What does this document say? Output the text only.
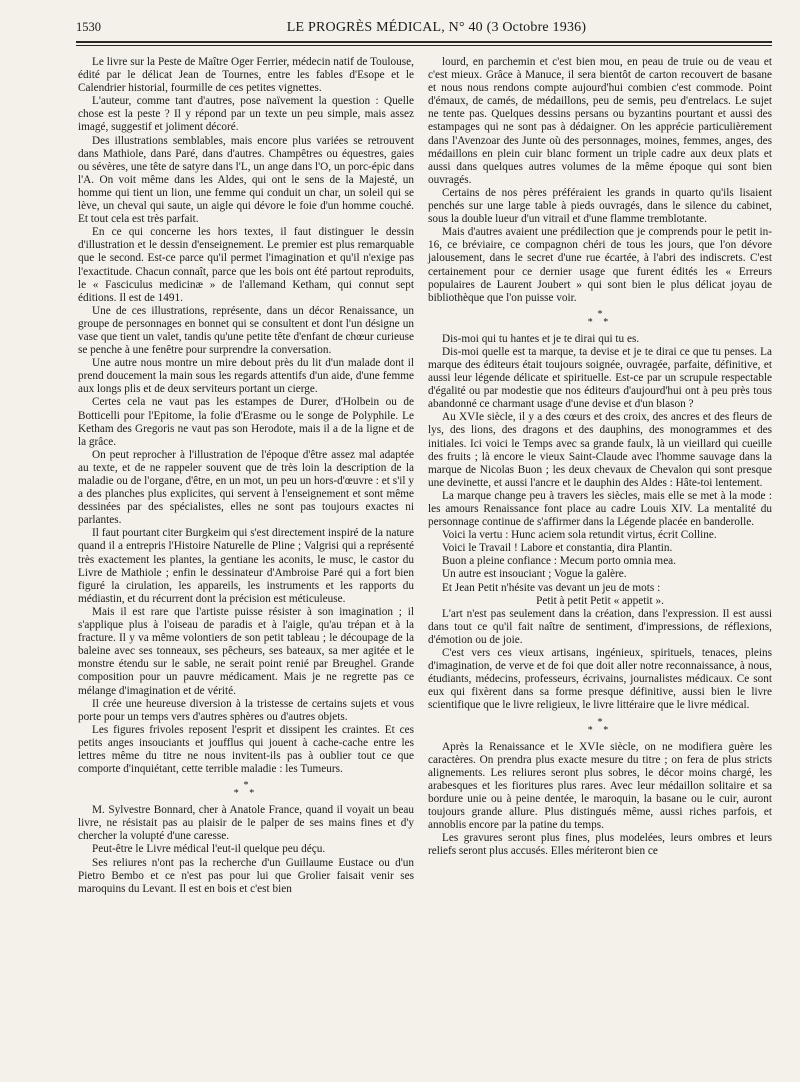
1530	LE PROGRÈS MÉDICAL, N° 40 (3 Octobre 1936)

Le livre sur la Peste de Maître Oger Ferrier, médecin natif de Toulouse, édité par le délicat Jean de Tournes, entre les fables d'Esope et le Calendrier historial, fourmille de ces petites vignettes.

L'auteur, comme tant d'autres, pose naïvement la question : Quelle chose est la peste ? Il y répond par un texte un peu simple, mais assez imagé, suggestif et joliment décoré.

Des illustrations semblables, mais encore plus variées se retrouvent dans Mathiole, dans Paré, dans d'autres. Champêtres ou équestres, gaies ou sévères, une tête de satyre dans l'L, un ange dans l'O, un porc-épic dans l'A. On voit même dans les Aldes, qui ont le sens de la Majesté, un homme qui tient un lion, une femme qui conduit un char, un soleil qui se lève, un cheval qui saute, un aigle qui dévore le foie d'un homme couché. Et tout cela est très parfait.

En ce qui concerne les hors textes, il faut distinguer le dessin d'illustration et le dessin d'enseignement. Le premier est plus remarquable que le second. Est-ce parce qu'il permet l'imagination et qu'il n'exige pas l'exactitude. Chacun connaît, parce que les bois ont été partout reproduits, le « Fasciculus medicinæ » de l'allemand Ketham, qui connut sept éditions. Il est de 1491.

Une de ces illustrations, représente, dans un décor Renaissance, un groupe de personnages en bonnet qui se consultent et dont l'un désigne un vase que tient un valet, tandis qu'une petite tête d'enfant de chœur curieuse se penche à une fenêtre pour surprendre la conversation.

Une autre nous montre un mire debout près du lit d'un malade dont il prend doucement la main sous les regards attentifs d'un aide, d'une femme aux longs plis et de deux serviteurs portant un cierge.

Certes cela ne vaut pas les estampes de Durer, d'Holbein ou de Botticelli pour l'Epitome, la folie d'Erasme ou le songe de Polyphile. Le Ketham des Gregoris ne vaut pas son Herodote, mais il a de la ligne et de la grâce.

On peut reprocher à l'illustration de l'époque d'être assez mal adaptée au texte, et de ne rappeler souvent que de très loin la description de la maladie ou de l'organe, d'être, en un mot, un peu un hors-d'œuvre : et s'il y a des planches plus explicites, qui servent à l'enseignement et sont même dessinées par des spécialistes, elles ne sont pas toujours exactes ni parlantes.

Il faut pourtant citer Burgkeim qui s'est directement inspiré de la nature quand il a entrepris l'Histoire Naturelle de Pline ; Valgrisi qui a représenté très exactement les plantes, la gentiane les aconits, le musc, le castor du Livre de Mathiole ; enfin le dessinateur d'Ambroise Paré qui a fort bien figuré la cirulation, les appareils, les instruments et les rapports du médiastin, et du récurrent dont la précision est méticuleuse.

Mais il est rare que l'artiste puisse résister à son imagination ; il s'applique plus à l'oiseau de paradis et à l'aigle, qu'au trépan et à la fracture. Il y va même volontiers de son petit tableau ; le découpage de la baleine avec ses tonneaux, ses pêcheurs, ses bateaux, sa mer agitée et le monstre étendu sur le sable, ne serait point renié par Breughel. Grande composition pour un pauvre médicament. Mais je ne regrette pas ce mélange d'imagination et de vérité.

Il crée une heureuse diversion à la tristesse de certains sujets et vous porte pour un temps vers d'autres sphères ou d'autres objets.

Les figures frivoles reposent l'esprit et dissipent les craintes. Et ces petits anges insouciants et joufflus qui jouent à cache-cache entre les lettres même du titre ne nous invitent-ils pas à oublier tout ce que comporte d'inquiétant, cette terrible maladie : les Tumeurs.

*
* *

M. Sylvestre Bonnard, cher à Anatole France, quand il voyait un beau livre, ne résistait pas au plaisir de le palper de ses mains fines et d'y chercher la volupté d'une caresse.

Peut-être le Livre médical l'eut-il quelque peu déçu.

Ses reliures n'ont pas la recherche d'un Guillaume Eustace ou d'un Pietro Bembo et ce n'est pas pour lui que Grolier faisait venir ses maroquins du Levant. Il est en bois et c'est bien

lourd, en parchemin et c'est bien mou, en peau de truie ou de veau et c'est mieux. Grâce à Manuce, il sera bientôt de carton recouvert de basane et nous nous rendons compte aujourd'hui combien c'est commode. Point d'émaux, de camés, de médaillons, peu de semis, peu d'entrelacs. Le sujet ne tente pas. Quelques dessins persans ou byzantins pourtant et aussi des estampages qui ne sont pas à dédaigner. On les apprécie particulièrement dans l'Avenzoar des Junte où des personnages, moines, femmes, anges, des médaillons en plein cuir blanc forment un triple cadre aux deux plats et aussi dans quelques autres volumes de la même époque qui sont bien ouvragés.

Certains de nos pères préféraient les grands in quarto qu'ils lisaient penchés sur une large table à pieds ouvragés, dans le silence du cabinet, sous la double lueur d'un vitrail et d'une flamme tremblotante.

Mais d'autres avaient une prédilection que je comprends pour le petit in-16, ce bréviaire, ce compagnon chéri de tous les jours, que l'on dévore jalousement, dans le secret d'une rue écartée, à l'abri des indiscrets. C'est certainement pour ce dernier usage que furent édités les « Erreurs populaires de Laurent Joubert » qui sont bien le plus délicat joyau de bibliothèque que l'on puisse voir.

*
* *

Dis-moi qui tu hantes et je te dirai qui tu es.

Dis-moi quelle est ta marque, ta devise et je te dirai ce que tu penses. La marque des éditeurs était toujours soignée, ouvragée, parfaite, définitive, et aussi leur légende délicate et spirituelle. Est-ce par un scrupule respectable d'égalité ou par modestie que nos éditeurs d'aujourd'hui ont à peu près tous abandonné ce charmant usage d'une devise et d'un blason ?

Au XVIe siècle, il y a des cœurs et des croix, des ancres et des fleurs de lys, des lions, des dragons et des dauphins, des monogrammes et des initiales. Ici voici le Temps avec sa grande faulx, là un vieillard qui cueille des fruits ; là encore le vieux Saint-Claude avec l'homme sauvage dans la marque de Nicolas Buon ; les deux chevaux de Chevalon qui sont presque une devinette, et aussi l'ancre et le dauphin des Aldes : Hâte-toi lentement.

La marque change peu à travers les siècles, mais elle se met à la mode : les amours Renaissance font place au cadre Louis XIV. La mentalité du personnage continue de s'affirmer dans la Légende placée en banderolle.

Voici la vertu : Hunc aciem sola retundit virtus, écrit Colline.

Voici le Travail ! Labore et constantia, dira Plantin.

Buon a pleine confiance : Mecum porto omnia mea.

Un autre est insouciant ; Vogue la galère.

Et Jean Petit n'hésite vas devant un jeu de mots :

Petit à petit Petit « appetit ».

L'art n'est pas seulement dans la création, dans l'expression. Il est aussi dans tout ce qu'il fait naître de sentiment, d'impressions, de réflexions, d'émotion ou de joie.

C'est vers ces vieux artisans, ingénieux, spirituels, tenaces, pleins d'imagination, de verve et de foi que doit aller notre reconnaissance, à nous, étudiants, médecins, professeurs, écrivains, journalistes médicaux. Ce sont eux qui fixèrent dans sa forme presque définitive, aussi bien le livre scientifique que le livre religieux, le livre littéraire que le livre médical.

*
* *

Après la Renaissance et le XVIe siècle, on ne modifiera guère les caractères. On prendra plus exacte mesure du titre ; on fera de plus stricts alignements. Les reliures seront plus sobres, le décor moins chargé, les arabesques et les fioritures plus rares. Avec leur médaillon solitaire et sa bordure unie ou à peine dentée, le maroquin, la basane ou le cuir, auront toujours grande allure. Plus distingués même, aussi riches parfois, et annoblis encore par la patine du temps.

Les gravures seront plus fines, plus modelées, leurs ombres et leurs reliefs seront plus accusés. Elles mériteront bien ce
